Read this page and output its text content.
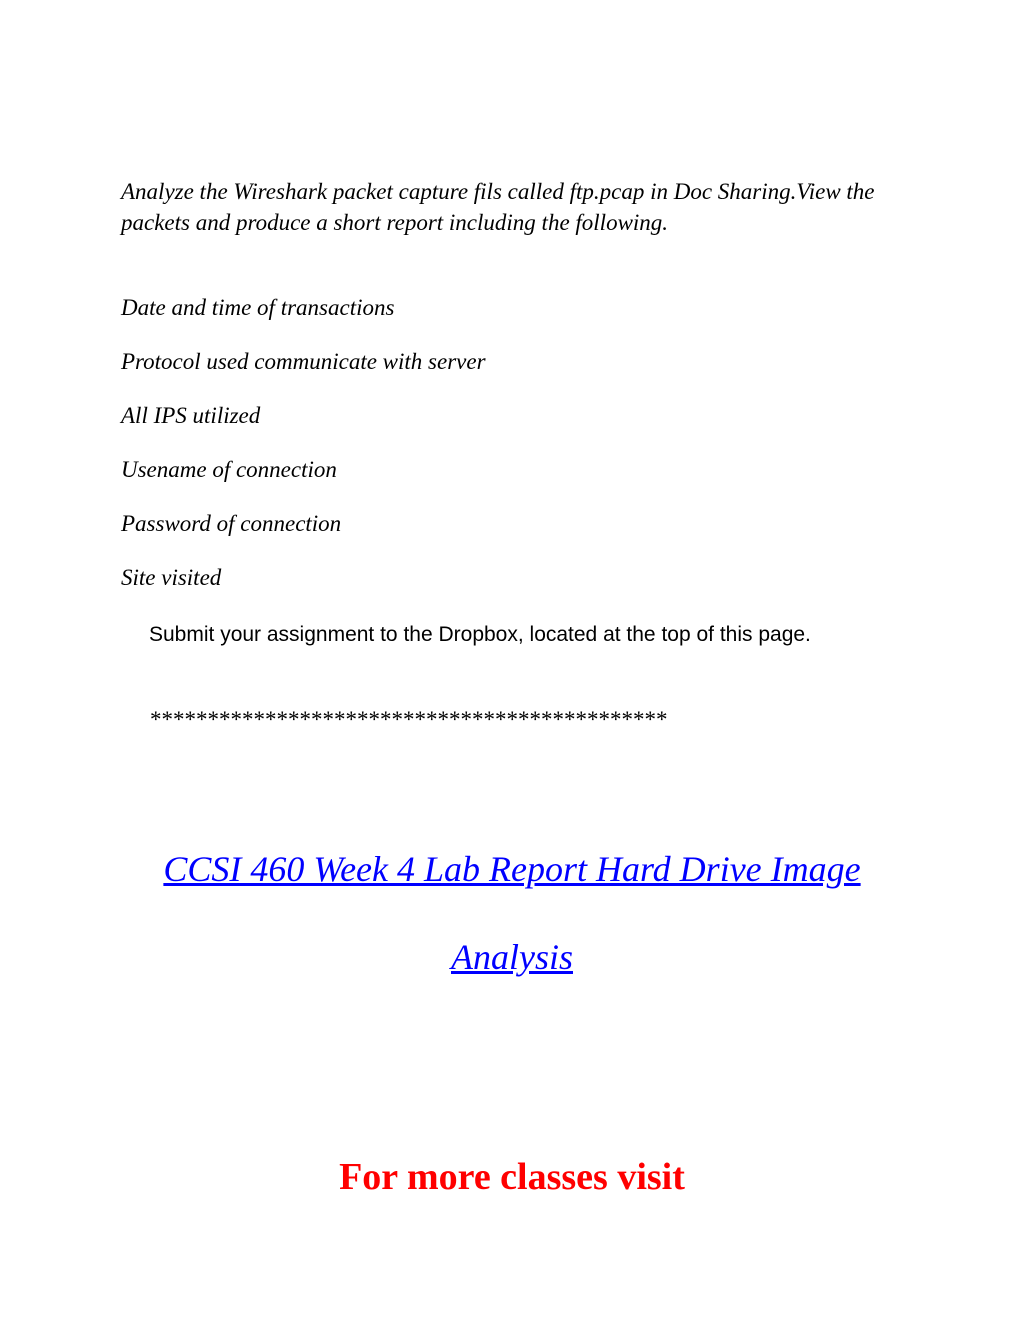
Analyze the Wireshark packet capture fils called ftp.pcap in Doc Sharing.View the packets and produce a short report including the following.

Date and time of transactions

Protocol used communicate with server

All IPS utilized

Usename of connection

Password of connection

Site visited

Submit your assignment to the Dropbox, located at the top of this page.

*********************************************

CCSI 460 Week 4 Lab Report Hard Drive Image

Analysis

For more classes visit
